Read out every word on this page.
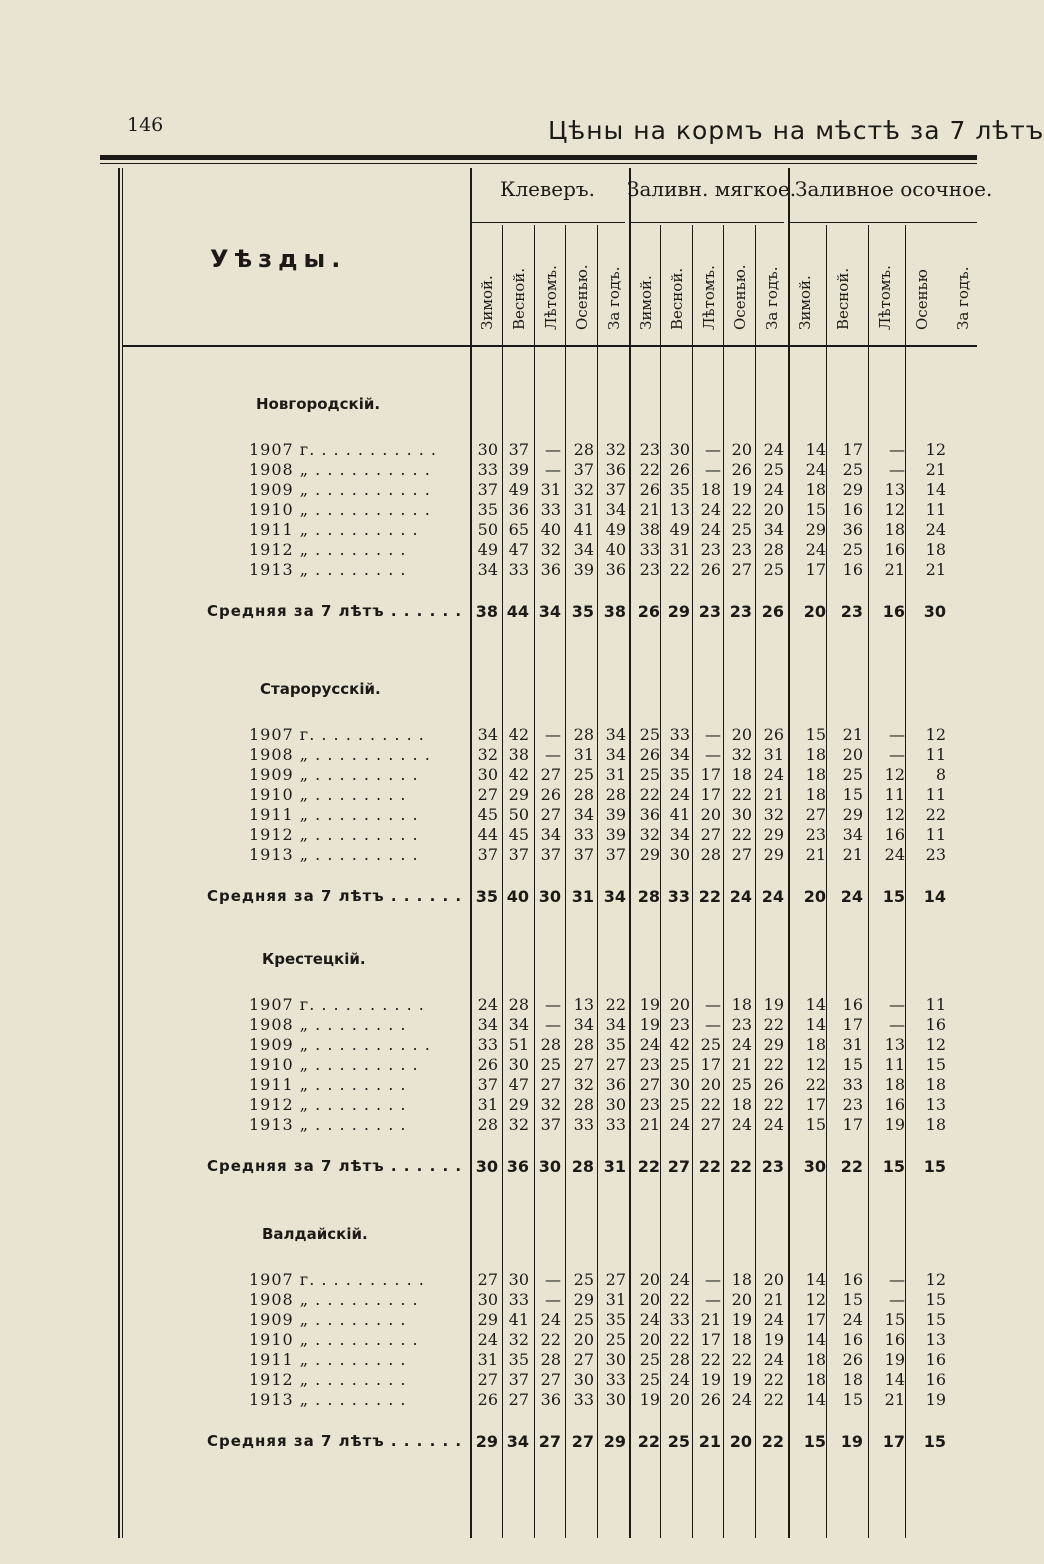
146	Цѣны на кормъ на мѣстѣ за 7 лѣтъ
Уѣзды.
Клеверъ.
Зимой. Весной. Лѣтомъ. Осенью. За годъ.
Заливн. мягкое.
Зимой. Весной. Лѣтомъ. Осенью. За годъ.
Заливное осочное.
Зимой. Весной. Лѣтомъ. Осенью За годъ.
Новгородскій.
1907 г. . . . . . . . . . .	30 37	— 28 32 23 30 — 20 24	14	17	—	12
1908 „ . . . . . . . . . .	33 39	— 37 36 22 26 — 26 25	24	25	—	21
1909 „ . . . . . . . . . .	37 49 31 32 37 26 35 18 19 24	18	29	13	14
1910 „ . . . . . . . . . .	35 36 33 31 34 21 13 24 22 20	15	16	12	11
1911 „ . . . . . . . . .	50 65 40 41 49 38 49 24 25 34	29	36	18	24
1912 „ . . . . . . . .	49 47 32 34 40 33 31 23 23 28	24	25	16	18
1913 „ . . . . . . . .	34 33 36 39 36 23 22 26 27 25	17	16	21	21
Средняя за 7 лѣтъ . . . . . . 38 44 34 35 38 26 29 23 23 26	20 23	16	30
Старорусскій.
1907 г. . . . . . . . . .	34 42	— 28 34 25 33 — 20 26	15	21	—	12
1908 „ . . . . . . . . . .	32 38	— 31 34 26 34 — 32 31	18	20	—	11
1909 „ . . . . . . . . .	30 42 27 25 31 25 35 17 18 24	18	25	12	8
1910 „ . . . . . . . .	27 29 26 28 28 22 24 17 22 21	18	15	11	11
1911 „ . . . . . . . . .	45 50 27 34 39 36 41 20 30 32	27	29	12	22
1912 „ . . . . . . . . .	44 45 34 33 39 32 34 27 22 29	23	34	16	11
1913 „ . . . . . . . . .	37 37 37 37 37 29 30 28 27 29	21	21	24	23
Средняя за 7 лѣтъ . . . . . . 35 40 30 31 34 28 33 22 24 24	20 24	15	14
Крестецкій.
1907 г. . . . . . . . . .	24 28	— 13 22 19 20 — 18 19	14	16	—	11
1908 „ . . . . . . . .	34 34	— 34 34 19 23 — 23 22	14	17	—	16
1909 „ . . . . . . . . . .	33 51 28 28 35 24 42 25 24 29	18	31	13	12
1910 „ . . . . . . . . .	26 30 25 27 27 23 25 17 21 22	12	15	11	15
1911 „ . . . . . . . .	37 47 27 32 36 27 30 20 25 26	22	33	18	18
1912 „ . . . . . . . .	31 29 32 28 30 23 25 22 18 22	17	23	16	13
1913 „ . . . . . . . .	28 32 37 33 33 21 24 27 24 24	15	17	19	18
Средняя за 7 лѣтъ . . . . . . 30 36 30 28 31 22 27 22 22 23	30 22	15	15
Валдайскій.
1907 г. . . . . . . . . .	27 30	— 25 27 20 24 — 18 20	14	16	—	12
1908 „ . . . . . . . . .	30 33	— 29 31 20 22 — 20 21	12	15	—	15
1909 „ . . . . . . . .	29 41 24 25 35 24 33 21 19 24	17	24	15	15
1910 „ . . . . . . . . .	24 32 22 20 25 20 22 17 18 19	14	16	16	13
1911 „ . . . . . . . .	31 35 28 27 30 25 28 22 22 24	18	26	19	16
1912 „ . . . . . . . .	27 37 27 30 33 25 24 19 19 22	18	18	14	16
1913 „ . . . . . . . .	26 27 36 33 30 19 20 26 24 22	14	15	21	19
Средняя за 7 лѣтъ . . . . . . 29 34 27 27 29 22 25 21 20 22	15 19	17	15
